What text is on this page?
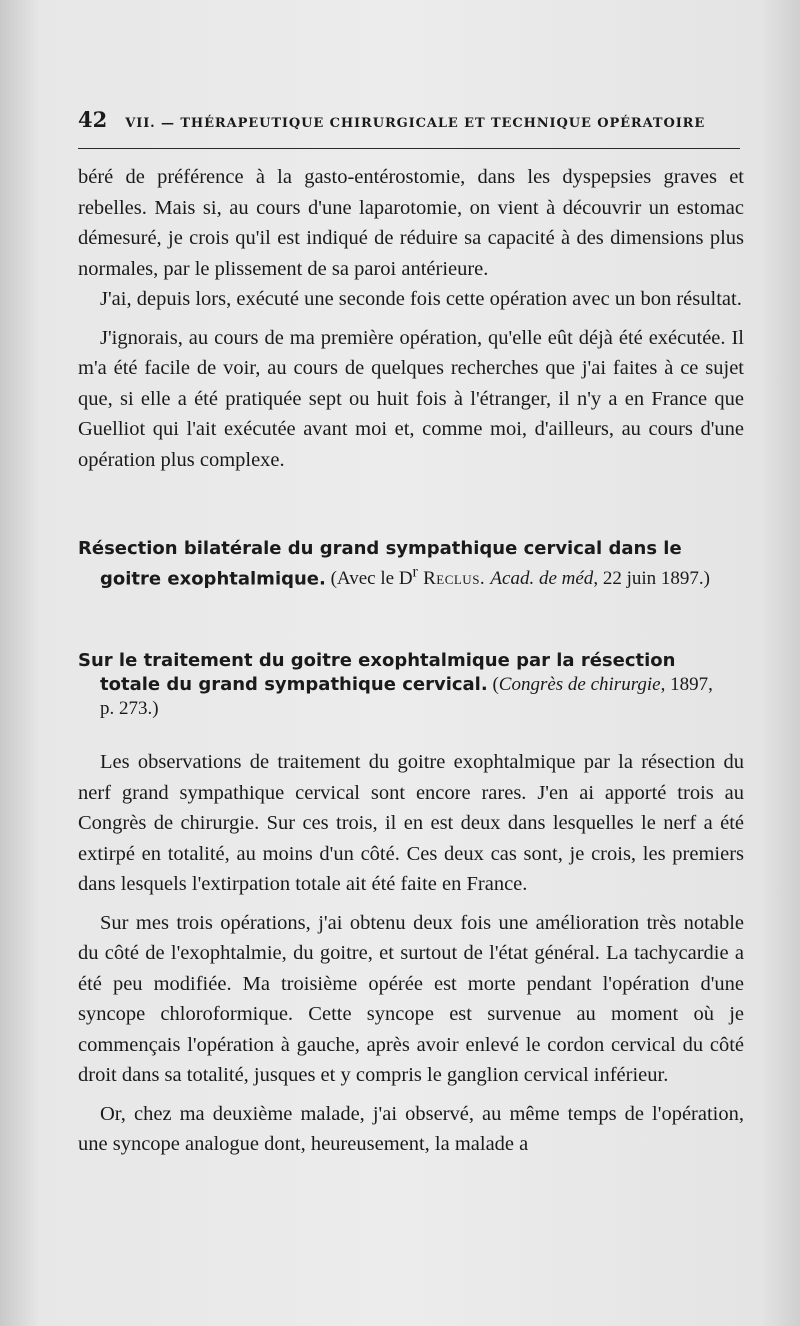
42 VII. — THÉRAPEUTIQUE CHIRURGICALE ET TECHNIQUE OPÉRATOIRE

béré de préférence à la gasto-entérostomie, dans les dyspepsies graves et rebelles. Mais si, au cours d'une laparotomie, on vient à découvrir un estomac démesuré, je crois qu'il est indiqué de réduire sa capacité à des dimensions plus normales, par le plissement de sa paroi antérieure.

J'ai, depuis lors, exécuté une seconde fois cette opération avec un bon résultat.

J'ignorais, au cours de ma première opération, qu'elle eût déjà été exécutée. Il m'a été facile de voir, au cours de quelques recherches que j'ai faites à ce sujet que, si elle a été pratiquée sept ou huit fois à l'étranger, il n'y a en France que Guelliot qui l'ait exécutée avant moi et, comme moi, d'ailleurs, au cours d'une opération plus complexe.

Résection bilatérale du grand sympathique cervical dans le
goitre exophtalmique. (Avec le $D^r$ Reclus. Acad. de méd, 22 juin 1897.)
Sur le traitement du goitre exophtalmique par la résection
totale du grand sympathique cervical. (Congrès de chirurgie, 1897,
p. 273.)

Les observations de traitement du goitre exophtalmique par la résection du nerf grand sympathique cervical sont encore rares. J'en ai apporté trois au Congrès de chirurgie. Sur ces trois, il en est deux dans lesquelles le nerf a été extirpé en totalité, au moins d'un côté. Ces deux cas sont, je crois, les premiers dans lesquels l'extirpation totale ait été faite en France.

Sur mes trois opérations, j'ai obtenu deux fois une amélioration très notable du côté de l'exophtalmie, du goitre, et surtout de l'état général. La tachycardie a été peu modifiée. Ma troisième opérée est morte pendant l'opération d'une syncope chloroformique. Cette syncope est survenue au moment où je commençais l'opération à gauche, après avoir enlevé le cordon cervical du côté droit dans sa totalité, jusques et y compris le ganglion cervical inférieur.

Or, chez ma deuxième malade, j'ai observé, au même temps de l'opération, une syncope analogue dont, heureusement, la malade a
